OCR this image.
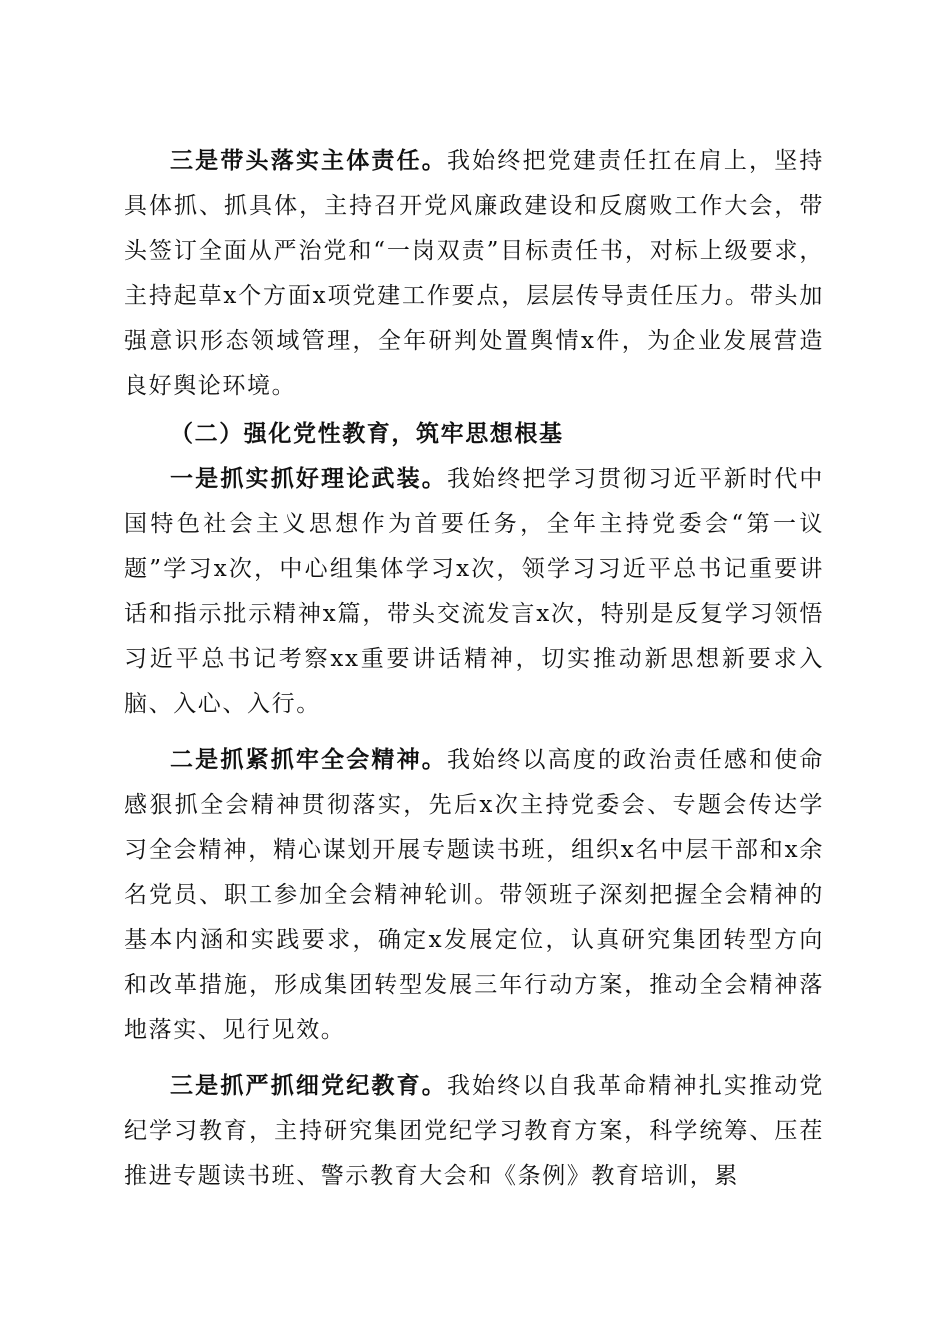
三是带头落实主体责任。我始终把党建责任扛在肩上，坚持具体抓、抓具体，主持召开党风廉政建设和反腐败工作大会，带头签订全面从严治党和“一岗双责”目标责任书，对标上级要求，主持起草x个方面x项党建工作要点，层层传导责任压力。带头加强意识形态领域管理，全年研判处置舆情x件，为企业发展营造良好舆论环境。

（二）强化党性教育，筑牢思想根基

一是抓实抓好理论武装。我始终把学习贯彻习近平新时代中国特色社会主义思想作为首要任务，全年主持党委会“第一议题”学习x次，中心组集体学习x次，领学习习近平总书记重要讲话和指示批示精神x篇，带头交流发言x次，特别是反复学习领悟习近平总书记考察xx重要讲话精神，切实推动新思想新要求入脑、入心、入行。

二是抓紧抓牢全会精神。我始终以高度的政治责任感和使命感狠抓全会精神贯彻落实，先后x次主持党委会、专题会传达学习全会精神，精心谋划开展专题读书班，组织x名中层干部和x余名党员、职工参加全会精神轮训。带领班子深刻把握全会精神的基本内涵和实践要求，确定x发展定位，认真研究集团转型方向和改革措施，形成集团转型发展三年行动方案，推动全会精神落地落实、见行见效。

三是抓严抓细党纪教育。我始终以自我革命精神扎实推动党纪学习教育，主持研究集团党纪学习教育方案，科学统筹、压茬推进专题读书班、警示教育大会和《条例》教育培训，累
